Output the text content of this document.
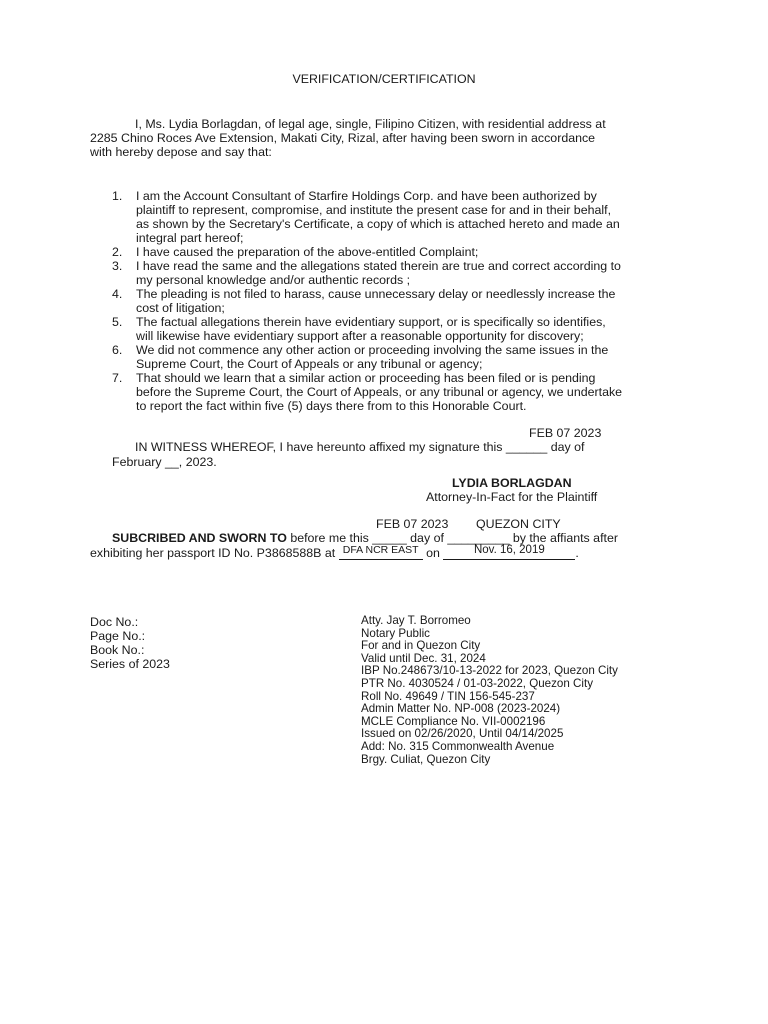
VERIFICATION/CERTIFICATION
I, Ms. Lydia Borlagdan, of legal age, single, Filipino Citizen, with residential address at
2285 Chino Roces Ave Extension, Makati City, Rizal, after having been sworn in accordance
with hereby depose and say that:
1. I am the Account Consultant of Starfire Holdings Corp. and have been authorized by
plaintiff to represent, compromise, and institute the present case for and in their behalf,
as shown by the Secretary's Certificate, a copy of which is attached hereto and made an
integral part hereof;
2. I have caused the preparation of the above-entitled Complaint;
3. I have read the same and the allegations stated therein are true and correct according to
my personal knowledge and/or authentic records ;
4. The pleading is not filed to harass, cause unnecessary delay or needlessly increase the
cost of litigation;
5. The factual allegations therein have evidentiary support, or is specifically so identifies,
will likewise have evidentiary support after a reasonable opportunity for discovery;
6. We did not commence any other action or proceeding involving the same issues in the
Supreme Court, the Court of Appeals or any tribunal or agency;
7. That should we learn that a similar action or proceeding has been filed or is pending
before the Supreme Court, the Court of Appeals, or any tribunal or agency, we undertake
to report the fact within five (5) days there from to this Honorable Court.
FEB 07 2023
IN WITNESS WHEREOF, I have hereunto affixed my signature this ______ day of
February __, 2023.
LYDIA BORLAGDAN
Attorney-In-Fact for the Plaintiff
FEB 07 2023 QUEZON CITY
SUBCRIBED AND SWORN TO before me this _____ day of _________ by the affiants after
exhibiting her passport ID No. P3868588B at $^{DFA NCR EAST}$ on	Nov. 16, 2019 .
Doc No.:
Page No.:
Book No.:
Series of 2023
Atty. Jay T. Borromeo
Notary Public
For and in Quezon City
Valid until Dec. 31, 2024
IBP No.248673/10-13-2022 for 2023, Quezon City
PTR No. 4030524 / 01-03-2022, Quezon City
Roll No. 49649 / TIN 156-545-237
Admin Matter No. NP-008 (2023-2024)
MCLE Compliance No. VII-0002196
Issued on 02/26/2020, Until 04/14/2025
Add: No. 315 Commonwealth Avenue
Brgy. Culiat, Quezon City
